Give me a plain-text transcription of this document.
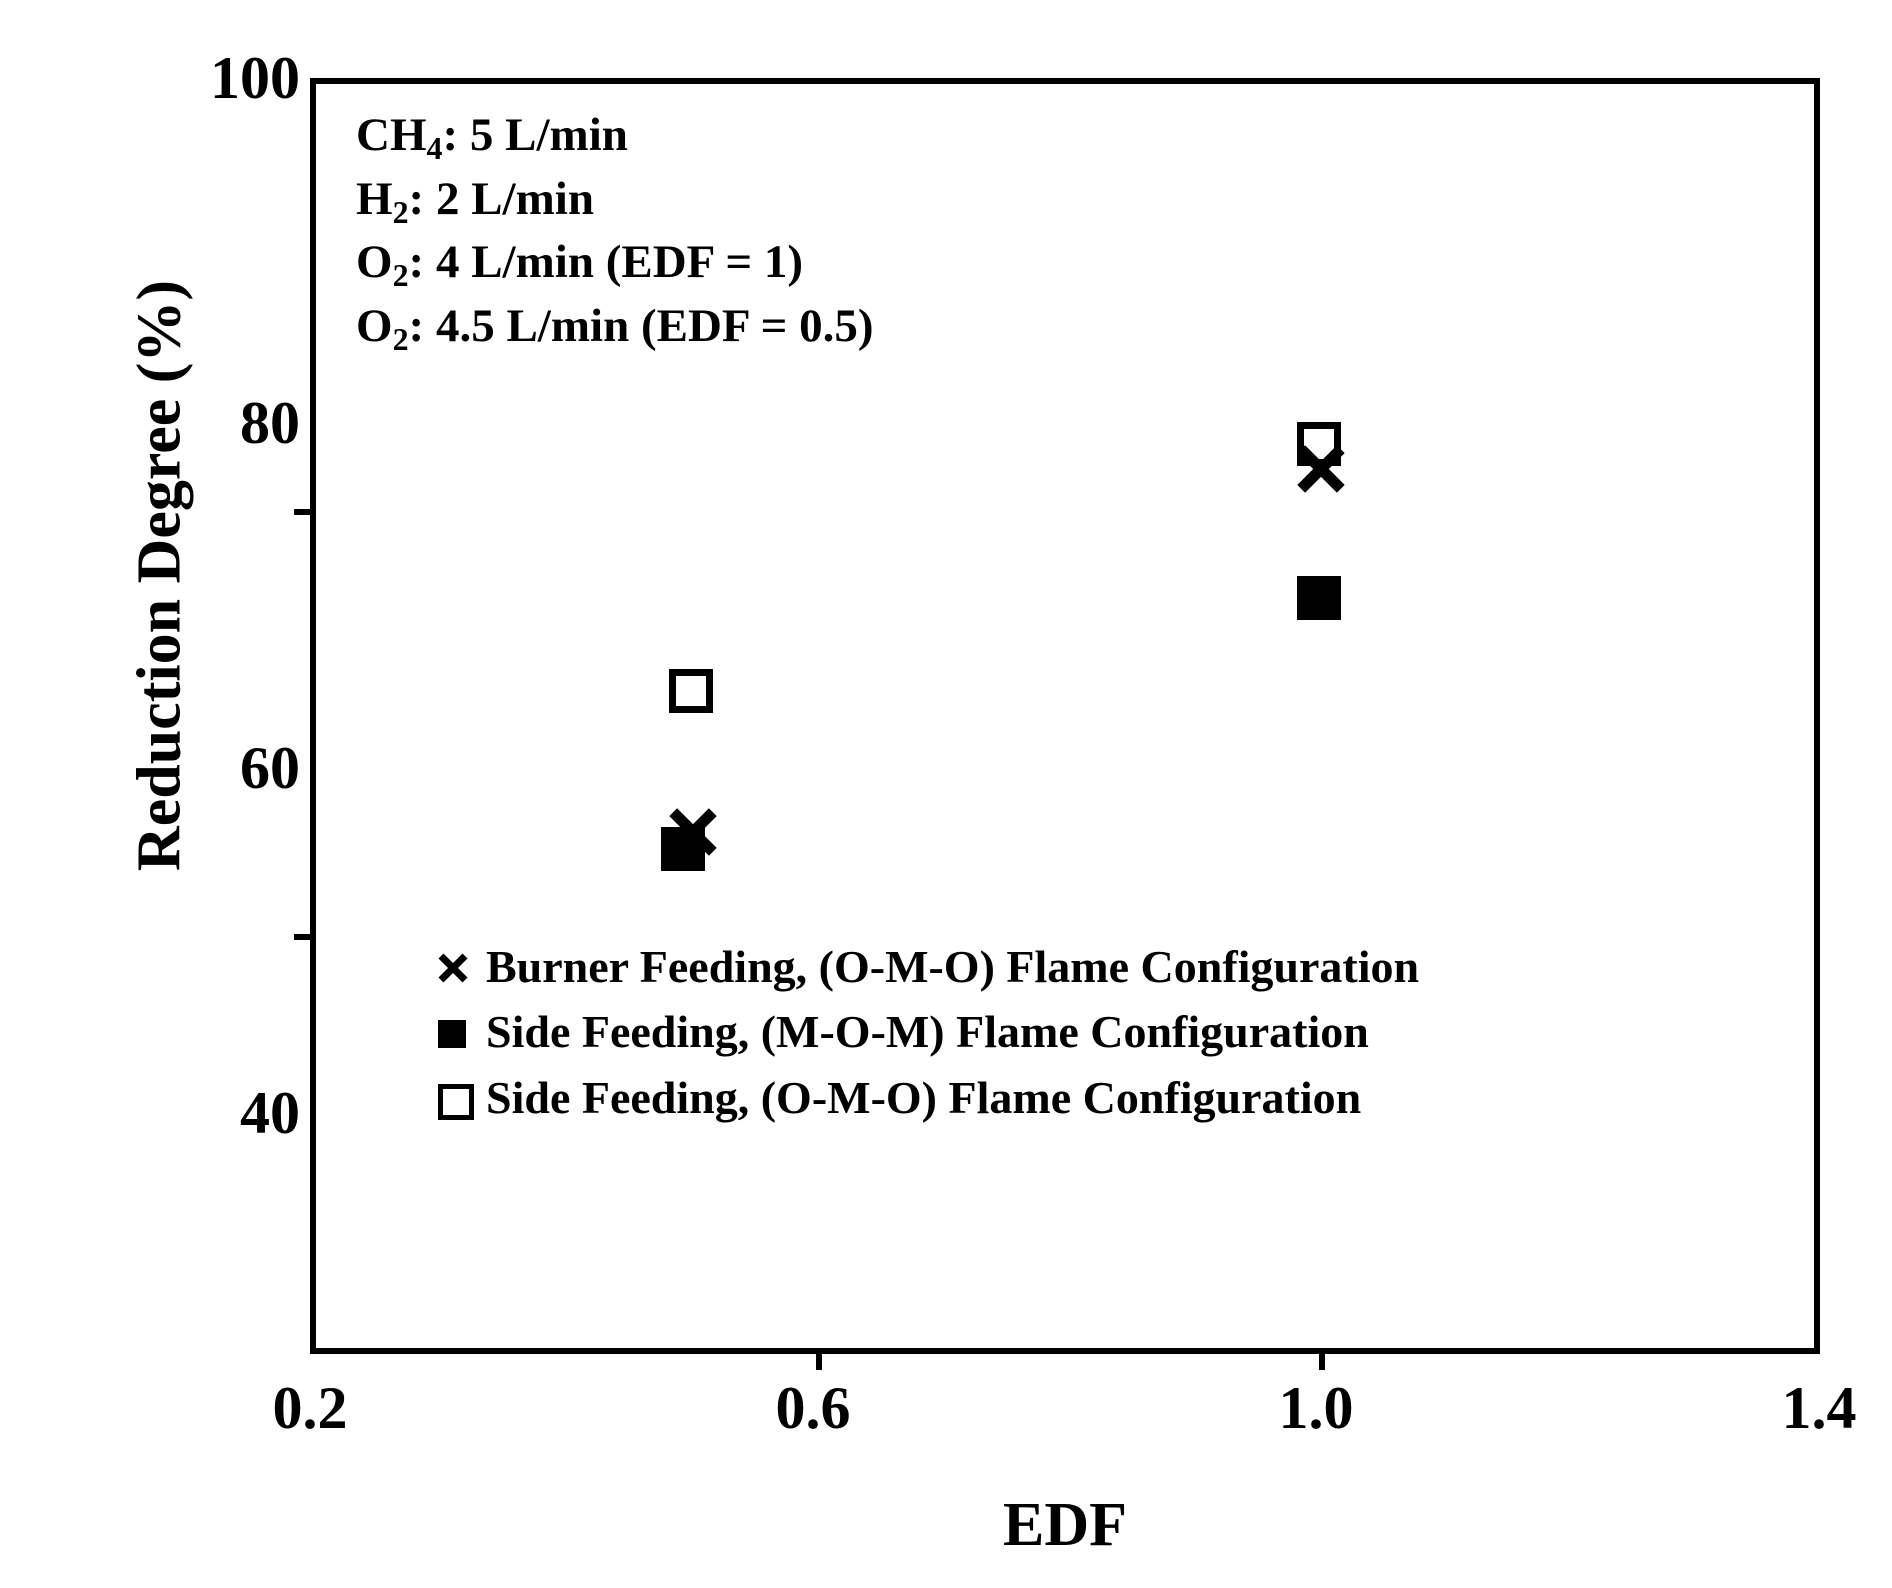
Reduction Degree (%)
100
80
60
40
0.2	0.6	1.0	1.4
EDF
$CH_4$: 5 L/min
$H_2$: 2 L/min
$O_2$: 4 L/min (EDF = 1)
$O_2$: 4.5 L/min (EDF = 0.5)
Burner Feeding, (O-M-O) Flame Configuration
Side Feeding, (M-O-M) Flame Configuration
Side Feeding, (O-M-O) Flame Configuration
